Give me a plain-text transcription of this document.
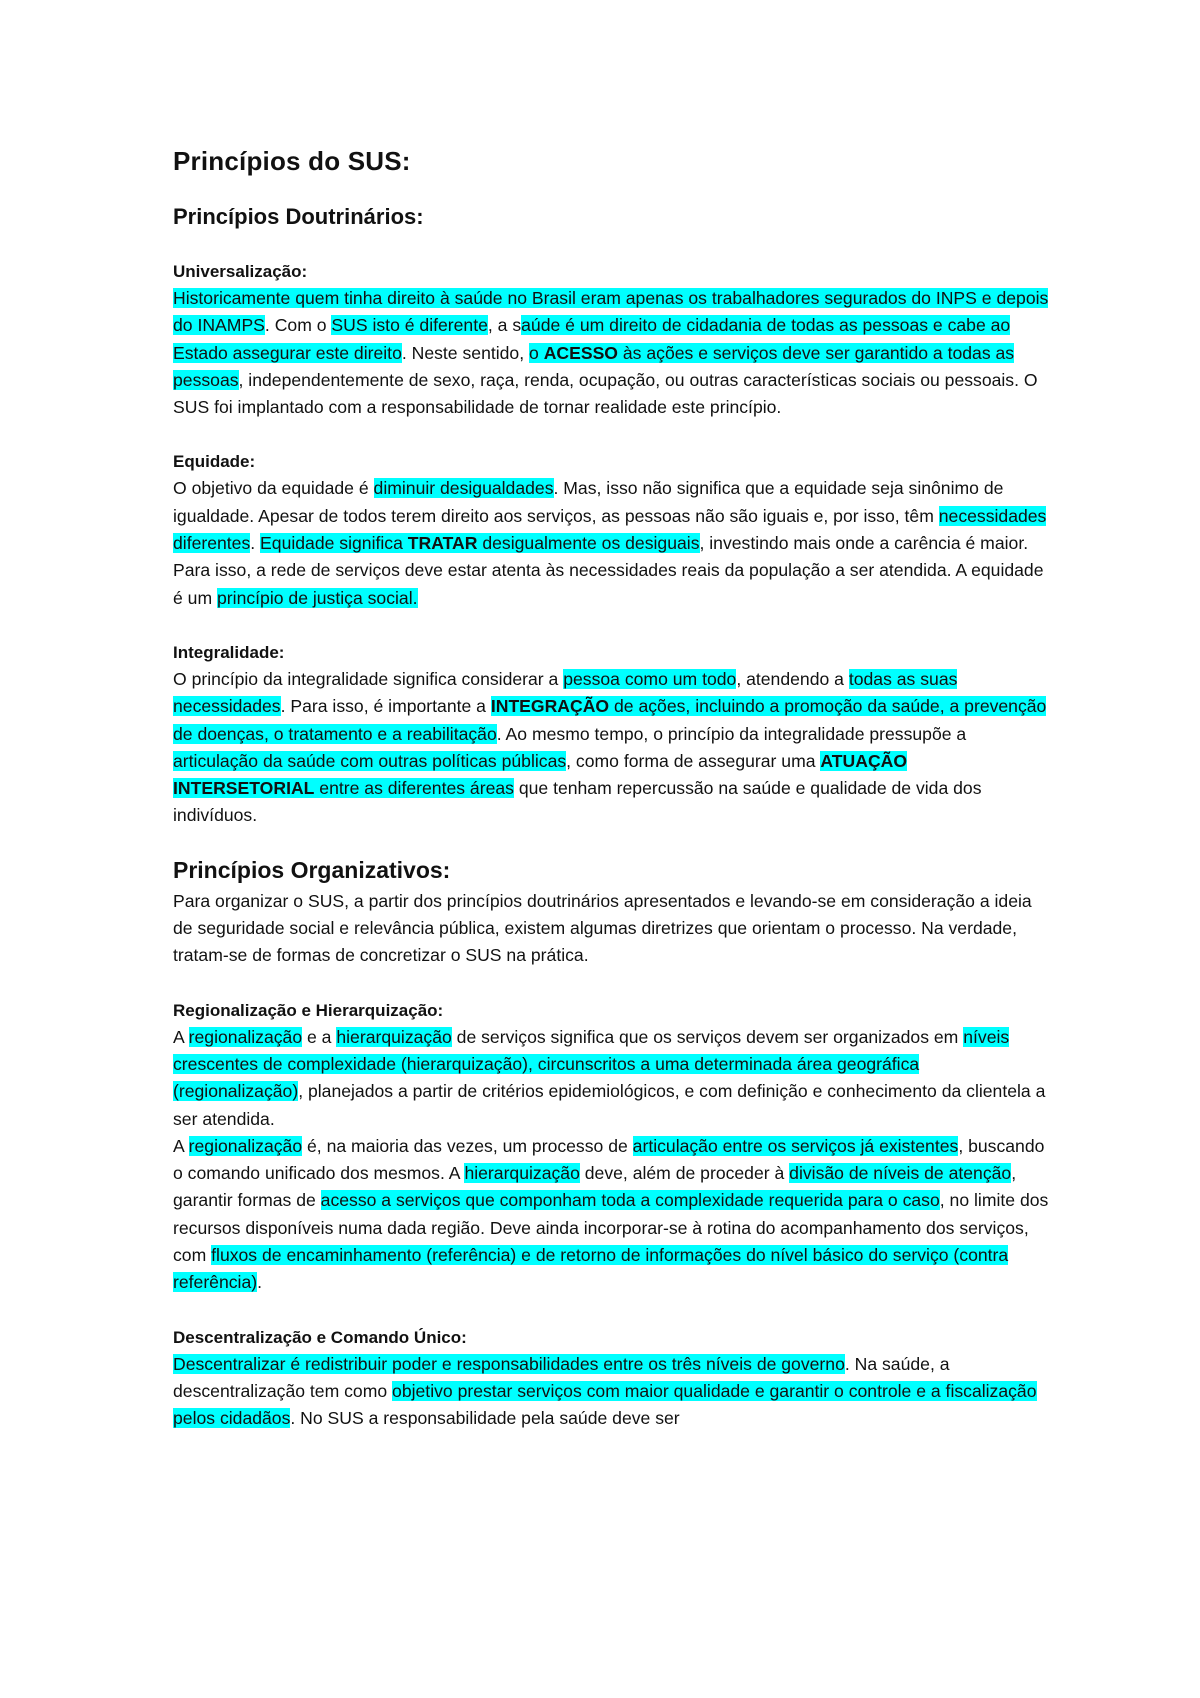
Princípios do SUS:
Princípios Doutrinários:
Universalização:

Historicamente quem tinha direito à saúde no Brasil eram apenas os trabalhadores segurados do INPS e depois do INAMPS. Com o SUS isto é diferente, a saúde é um direito de cidadania de todas as pessoas e cabe ao Estado assegurar este direito. Neste sentido, o ACESSO às ações e serviços deve ser garantido a todas as pessoas, independentemente de sexo, raça, renda, ocupação, ou outras características sociais ou pessoais. O SUS foi implantado com a responsabilidade de tornar realidade este princípio.

Equidade:

O objetivo da equidade é diminuir desigualdades. Mas, isso não significa que a equidade seja sinônimo de igualdade. Apesar de todos terem direito aos serviços, as pessoas não são iguais e, por isso, têm necessidades diferentes. Equidade significa TRATAR desigualmente os desiguais, investindo mais onde a carência é maior. Para isso, a rede de serviços deve estar atenta às necessidades reais da população a ser atendida. A equidade é um princípio de justiça social.

Integralidade:

O princípio da integralidade significa considerar a pessoa como um todo, atendendo a todas as suas necessidades. Para isso, é importante a INTEGRAÇÃO de ações, incluindo a promoção da saúde, a prevenção de doenças, o tratamento e a reabilitação. Ao mesmo tempo, o princípio da integralidade pressupõe a articulação da saúde com outras políticas públicas, como forma de assegurar uma ATUAÇÃO INTERSETORIAL entre as diferentes áreas que tenham repercussão na saúde e qualidade de vida dos indivíduos.

Princípios Organizativos:

Para organizar o SUS, a partir dos princípios doutrinários apresentados e levando-se em consideração a ideia de seguridade social e relevância pública, existem algumas diretrizes que orientam o processo. Na verdade, tratam-se de formas de concretizar o SUS na prática.

Regionalização e Hierarquização:

A regionalização e a hierarquização de serviços significa que os serviços devem ser organizados em níveis crescentes de complexidade (hierarquização), circunscritos a uma determinada área geográfica (regionalização), planejados a partir de critérios epidemiológicos, e com definição e conhecimento da clientela a ser atendida.

A regionalização é, na maioria das vezes, um processo de articulação entre os serviços já existentes, buscando o comando unificado dos mesmos. A hierarquização deve, além de proceder à divisão de níveis de atenção, garantir formas de acesso a serviços que componham toda a complexidade requerida para o caso, no limite dos recursos disponíveis numa dada região. Deve ainda incorporar-se à rotina do acompanhamento dos serviços, com fluxos de encaminhamento (referência) e de retorno de informações do nível básico do serviço (contra referência).

Descentralização e Comando Único:

Descentralizar é redistribuir poder e responsabilidades entre os três níveis de governo. Na saúde, a descentralização tem como objetivo prestar serviços com maior qualidade e garantir o controle e a fiscalização pelos cidadãos. No SUS a responsabilidade pela saúde deve ser
